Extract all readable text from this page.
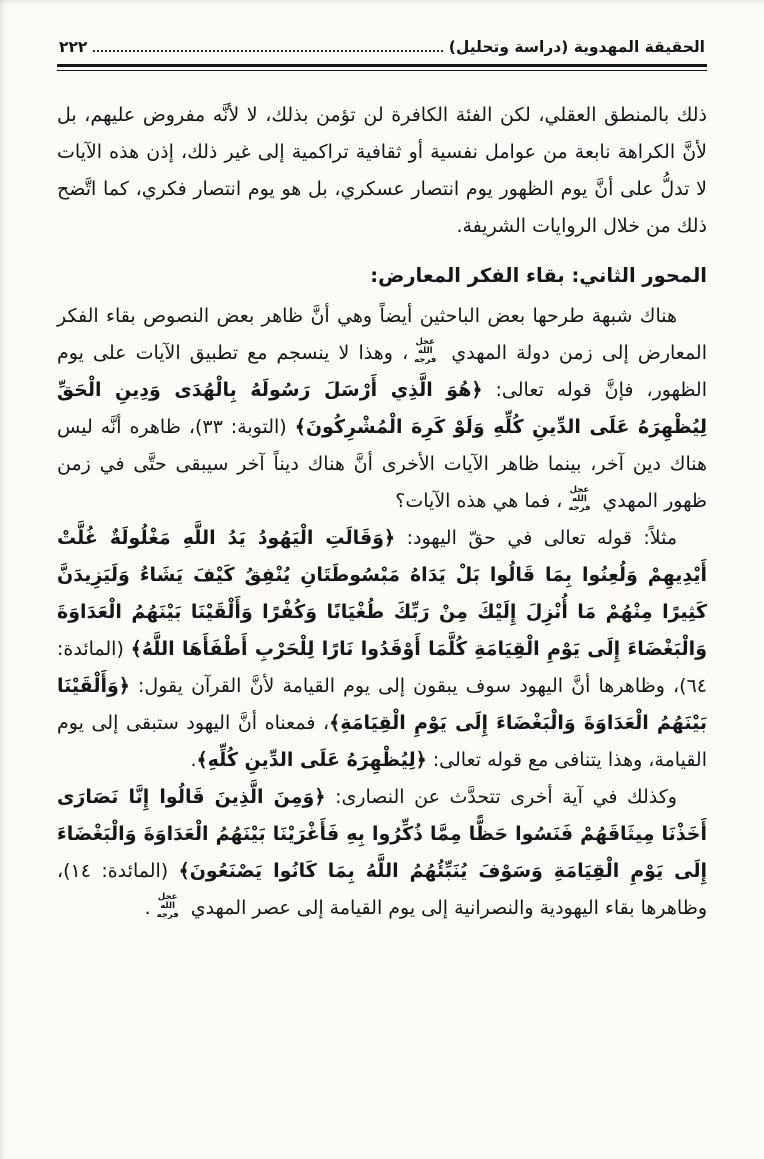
الحقيقة المهدوية (دراسة وتحليل)
٢٢٢

ذلك بالمنطق العقلي، لكن الفئة الكافرة لن تؤمن بذلك، لا لأنَّه مفروض عليهم، بل لأنَّ الكراهة نابعة من عوامل نفسية أو ثقافية تراكمية إلى غير ذلك، إذن هذه الآيات لا تدلُّ على أنَّ يوم الظهور يوم انتصار عسكري، بل هو يوم انتصار فكري، كما اتَّضح ذلك من خلال الروايات الشريفة.

المحور الثاني: بقاء الفكر المعارض:

هناك شبهة طرحها بعض الباحثين أيضاً وهي أنَّ ظاهر بعض النصوص بقاء الفكر المعارض إلى زمن دولة المهدي عجل الله فرجه، وهذا لا ينسجم مع تطبيق الآيات على يوم الظهور، فإنَّ قوله تعالى: ﴿هُوَ الَّذِي أَرْسَلَ رَسُولَهُ بِالْهُدَى وَدِينِ الْحَقِّ لِيُظْهِرَهُ عَلَى الدِّينِ كُلِّهِ وَلَوْ كَرِهَ الْمُشْرِكُونَ﴾ (التوبة: ٣٣)، ظاهره أنَّه ليس هناك دين آخر، بينما ظاهر الآيات الأخرى أنَّ هناك ديناً آخر سيبقى حتَّى في زمن ظهور المهدي عجل الله فرجه، فما هي هذه الآيات؟

مثلاً: قوله تعالى في حقّ اليهود: ﴿وَقَالَتِ الْيَهُودُ يَدُ اللَّهِ مَغْلُولَةٌ غُلَّتْ أَيْدِيهِمْ وَلُعِنُوا بِمَا قَالُوا بَلْ يَدَاهُ مَبْسُوطَتَانِ يُنْفِقُ كَيْفَ يَشَاءُ وَلَيَزِيدَنَّ كَثِيرًا مِنْهُمْ مَا أُنْزِلَ إِلَيْكَ مِنْ رَبِّكَ طُغْيَانًا وَكُفْرًا وَأَلْقَيْنَا بَيْنَهُمُ الْعَدَاوَةَ وَالْبَغْضَاءَ إِلَى يَوْمِ الْقِيَامَةِ كُلَّمَا أَوْقَدُوا نَارًا لِلْحَرْبِ أَطْفَأَهَا اللَّهُ﴾ (المائدة: ٦٤)، وظاهرها أنَّ اليهود سوف يبقون إلى يوم القيامة لأنَّ القرآن يقول: ﴿وَأَلْقَيْنَا بَيْنَهُمُ الْعَدَاوَةَ وَالْبَغْضَاءَ إِلَى يَوْمِ الْقِيَامَةِ﴾، فمعناه أنَّ اليهود ستبقى إلى يوم القيامة، وهذا يتنافى مع قوله تعالى: ﴿لِيُظْهِرَهُ عَلَى الدِّينِ كُلِّهِ﴾.

وكذلك في آية أخرى تتحدَّث عن النصارى: ﴿وَمِنَ الَّذِينَ قَالُوا إِنَّا نَصَارَى أَخَذْنَا مِيثَاقَهُمْ فَنَسُوا حَظًّا مِمَّا ذُكِّرُوا بِهِ فَأَغْرَيْنَا بَيْنَهُمُ الْعَدَاوَةَ وَالْبَغْضَاءَ إِلَى يَوْمِ الْقِيَامَةِ وَسَوْفَ يُنَبِّئُهُمُ اللَّهُ بِمَا كَانُوا يَصْنَعُونَ﴾ (المائدة: ١٤)، وظاهرها بقاء اليهودية والنصرانية إلى يوم القيامة إلى عصر المهدي عجل الله فرجه.
